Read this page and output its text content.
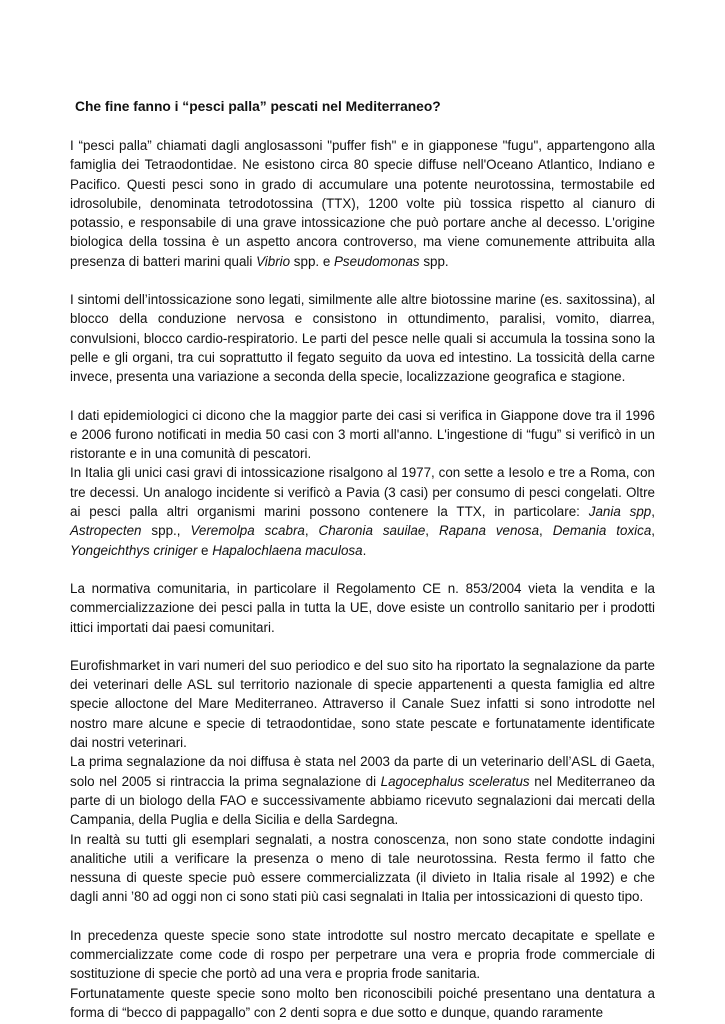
Che fine fanno i “pesci palla” pescati nel Mediterraneo?

I “pesci palla” chiamati dagli anglosassoni "puffer fish" e in giapponese "fugu", appartengono alla famiglia dei Tetraodontidae. Ne esistono circa 80 specie diffuse nell'Oceano Atlantico, Indiano e Pacifico. Questi pesci sono in grado di accumulare una potente neurotossina, termostabile ed idrosolubile, denominata tetrodotossina (TTX), 1200 volte più tossica rispetto al cianuro di potassio, e responsabile di una grave intossicazione che può portare anche al decesso. L'origine biologica della tossina è un aspetto ancora controverso, ma viene comunemente attribuita alla presenza di batteri marini quali Vibrio spp. e Pseudomonas spp.

I sintomi dell’intossicazione sono legati, similmente alle altre biotossine marine (es. saxitossina), al blocco della conduzione nervosa e consistono in ottundimento, paralisi, vomito, diarrea, convulsioni, blocco cardio-respiratorio. Le parti del pesce nelle quali si accumula la tossina sono la pelle e gli organi, tra cui soprattutto il fegato seguito da uova ed intestino. La tossicità della carne invece, presenta una variazione a seconda della specie, localizzazione geografica e stagione.

I dati epidemiologici ci dicono che la maggior parte dei casi si verifica in Giappone dove tra il 1996 e 2006 furono notificati in media 50 casi con 3 morti all'anno. L'ingestione di “fugu” si verificò in un ristorante e in una comunità di pescatori.

In Italia gli unici casi gravi di intossicazione risalgono al 1977, con sette a Iesolo e tre a Roma, con tre decessi. Un analogo incidente si verificò a Pavia (3 casi) per consumo di pesci congelati. Oltre ai pesci palla altri organismi marini possono contenere la TTX, in particolare: Jania spp, Astropecten spp., Veremolpa scabra, Charonia sauilae, Rapana venosa, Demania toxica, Yongeichthys criniger e Hapalochlaena maculosa.

La normativa comunitaria, in particolare il Regolamento CE n. 853/2004 vieta la vendita e la commercializzazione dei pesci palla in tutta la UE, dove esiste un controllo sanitario per i prodotti ittici importati dai paesi comunitari.

Eurofishmarket in vari numeri del suo periodico e del suo sito ha riportato la segnalazione da parte dei veterinari delle ASL sul territorio nazionale di specie appartenenti a questa famiglia ed altre specie alloctone del Mare Mediterraneo. Attraverso il Canale Suez infatti si sono introdotte nel nostro mare alcune e specie di tetraodontidae, sono state pescate e fortunatamente identificate dai nostri veterinari.

La prima segnalazione da noi diffusa è stata nel 2003 da parte di un veterinario dell’ASL di Gaeta, solo nel 2005 si rintraccia la prima segnalazione di Lagocephalus sceleratus nel Mediterraneo da parte di un biologo della FAO e successivamente abbiamo ricevuto segnalazioni dai mercati della Campania, della Puglia e della Sicilia e della Sardegna.

In realtà su tutti gli esemplari segnalati, a nostra conoscenza, non sono state condotte indagini analitiche utili a verificare la presenza o meno di tale neurotossina. Resta fermo il fatto che nessuna di queste specie può essere commercializzata (il divieto in Italia risale al 1992) e che dagli anni ’80 ad oggi non ci sono stati più casi segnalati in Italia per intossicazioni di questo tipo.

In precedenza queste specie sono state introdotte sul nostro mercato decapitate e spellate e commercializzate come code di rospo per perpetrare una vera e propria frode commerciale di sostituzione di specie che portò ad una vera e propria frode sanitaria.

Fortunatamente queste specie sono molto ben riconoscibili poiché presentano una dentatura a forma di “becco di pappagallo” con 2 denti sopra e due sotto e dunque, quando raramente
